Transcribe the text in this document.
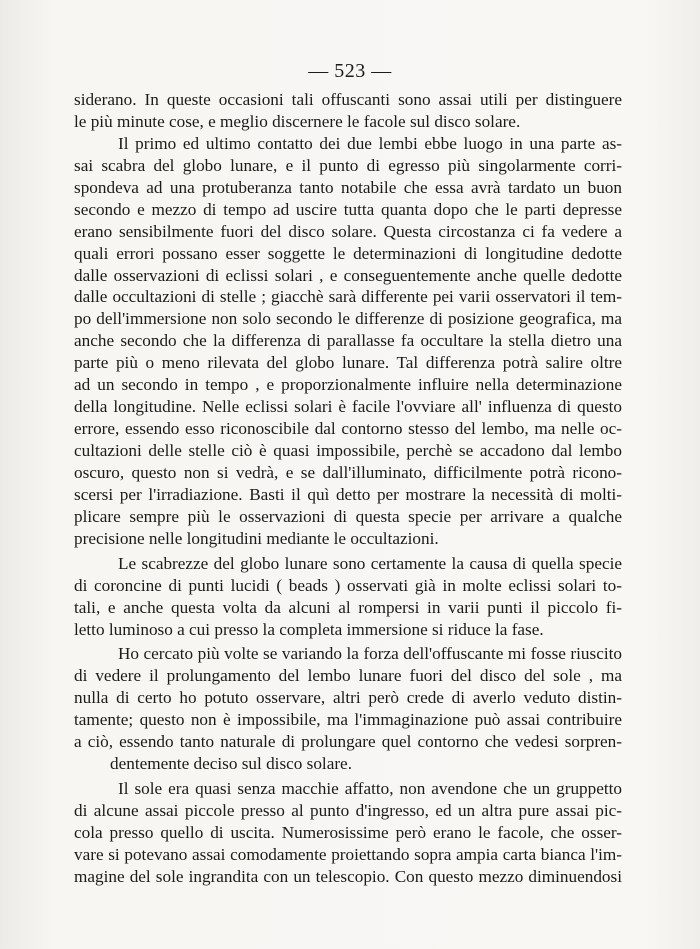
— 523 —
siderano. In queste occasioni tali offuscanti sono assai utili per distinguere
le più minute cose, e meglio discernere le facole sul disco solare.
Il primo ed ultimo contatto dei due lembi ebbe luogo in una parte as-
sai scabra del globo lunare, e il punto di egresso più singolarmente corri-
spondeva ad una protuberanza tanto notabile che essa avrà tardato un buon
secondo e mezzo di tempo ad uscire tutta quanta dopo che le parti depresse
erano sensibilmente fuori del disco solare. Questa circostanza ci fa vedere a
quali errori possano esser soggette le determinazioni di longitudine dedotte
dalle osservazioni di eclissi solari , e conseguentemente anche quelle dedotte
dalle occultazioni di stelle ; giacchè sarà differente pei varii osservatori il tem-
po dell'immersione non solo secondo le differenze di posizione geografica, ma
anche secondo che la differenza di parallasse fa occultare la stella dietro una
parte più o meno rilevata del globo lunare. Tal differenza potrà salire oltre
ad un secondo in tempo , e proporzionalmente influire nella determinazione
della longitudine. Nelle eclissi solari è facile l'ovviare all' influenza di questo
errore, essendo esso riconoscibile dal contorno stesso del lembo, ma nelle oc-
cultazioni delle stelle ciò è quasi impossibile, perchè se accadono dal lembo
oscuro, questo non si vedrà, e se dall'illuminato, difficilmente potrà ricono-
scersi per l'irradiazione. Basti il quì detto per mostrare la necessità di molti-
plicare sempre più le osservazioni di questa specie per arrivare a qualche
precisione nelle longitudini mediante le occultazioni.
Le scabrezze del globo lunare sono certamente la causa di quella specie
di coroncine di punti lucidi ( beads ) osservati già in molte eclissi solari to-
tali, e anche questa volta da alcuni al rompersi in varii punti il piccolo fi-
letto luminoso a cui presso la completa immersione si riduce la fase.
Ho cercato più volte se variando la forza dell'offuscante mi fosse riuscito
di vedere il prolungamento del lembo lunare fuori del disco del sole , ma
nulla di certo ho potuto osservare, altri però crede di averlo veduto distin-
tamente; questo non è impossibile, ma l'immaginazione può assai contribuire
a ciò, essendo tanto naturale di prolungare quel contorno che vedesi sorpren-
dentemente deciso sul disco solare.
Il sole era quasi senza macchie affatto, non avendone che un gruppetto
di alcune assai piccole presso al punto d'ingresso, ed un altra pure assai pic-
cola presso quello di uscita. Numerosissime però erano le facole, che osser-
vare si potevano assai comodamente proiettando sopra ampia carta bianca l'im-
magine del sole ingrandita con un telescopio. Con questo mezzo diminuendosi
